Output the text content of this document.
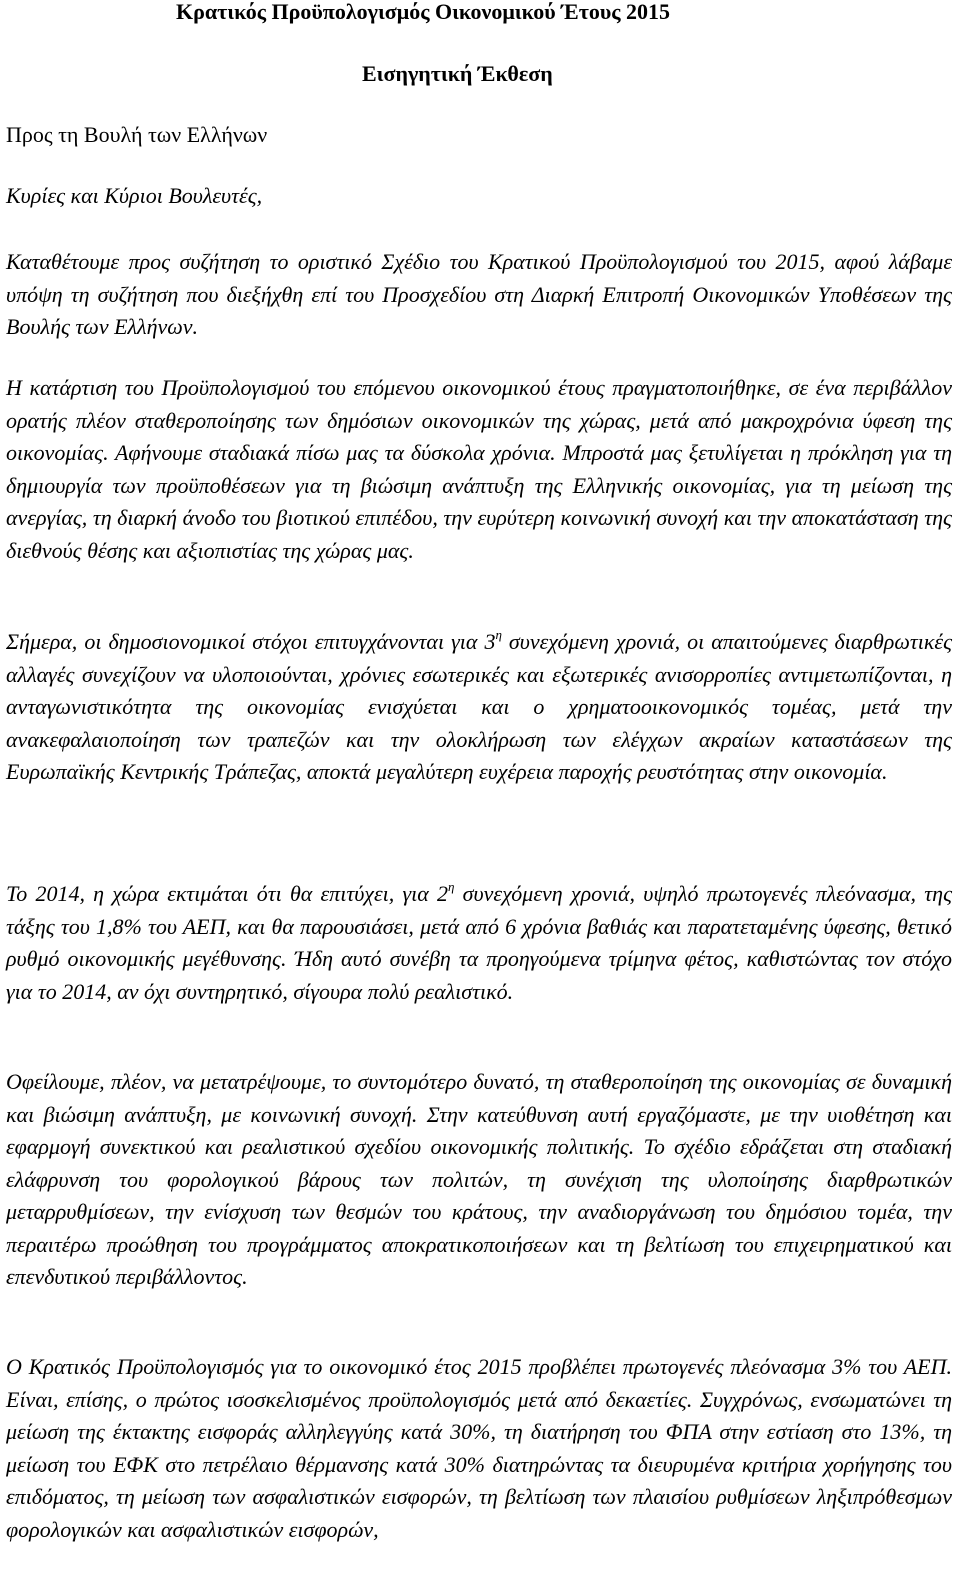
Κρατικός Προϋπολογισμός Οικονομικού Έτους 2015
Εισηγητική Έκθεση
Προς τη Βουλή των Ελλήνων
Κυρίες και Κύριοι Βουλευτές,

Καταθέτουμε προς συζήτηση το οριστικό Σχέδιο του Κρατικού Προϋπολογισμού του 2015, αφού λάβαμε υπόψη τη συζήτηση που διεξήχθη επί του Προσχεδίου στη Διαρκή Επιτροπή Οικονομικών Υποθέσεων της Βουλής των Ελλήνων.

Η κατάρτιση του Προϋπολογισμού του επόμενου οικονομικού έτους πραγματοποιήθηκε, σε ένα περιβάλλον ορατής πλέον σταθεροποίησης των δημόσιων οικονομικών της χώρας, μετά από μακροχρόνια ύφεση της οικονομίας. Αφήνουμε σταδιακά πίσω μας τα δύσκολα χρόνια. Μπροστά μας ξετυλίγεται η πρόκληση για τη δημιουργία των προϋποθέσεων για τη βιώσιμη ανάπτυξη της Ελληνικής οικονομίας, για τη μείωση της ανεργίας, τη διαρκή άνοδο του βιοτικού επιπέδου, την ευρύτερη κοινωνική συνοχή και την αποκατάσταση της διεθνούς θέσης και αξιοπιστίας της χώρας μας.

Σήμερα, οι δημοσιονομικοί στόχοι επιτυγχάνονται για $3^\eta$ συνεχόμενη χρονιά, οι απαιτούμενες διαρθρωτικές αλλαγές συνεχίζουν να υλοποιούνται, χρόνιες εσωτερικές και εξωτερικές ανισορροπίες αντιμετωπίζονται, η ανταγωνιστικότητα της οικονομίας ενισχύεται και ο χρηματοοικονομικός τομέας, μετά την ανακεφαλαιοποίηση των τραπεζών και την ολοκλήρωση των ελέγχων ακραίων καταστάσεων της Ευρωπαϊκής Κεντρικής Τράπεζας, αποκτά μεγαλύτερη ευχέρεια παροχής ρευστότητας στην οικονομία.

Το 2014, η χώρα εκτιμάται ότι θα επιτύχει, για $2^\eta$ συνεχόμενη χρονιά, υψηλό πρωτογενές πλεόνασμα, της τάξης του 1,8% του ΑΕΠ, και θα παρουσιάσει, μετά από 6 χρόνια βαθιάς και παρατεταμένης ύφεσης, θετικό ρυθμό οικονομικής μεγέθυνσης. Ήδη αυτό συνέβη τα προηγούμενα τρίμηνα φέτος, καθιστώντας τον στόχο για το 2014, αν όχι συντηρητικό, σίγουρα πολύ ρεαλιστικό.

Οφείλουμε, πλέον, να μετατρέψουμε, το συντομότερο δυνατό, τη σταθεροποίηση της οικονομίας σε δυναμική και βιώσιμη ανάπτυξη, με κοινωνική συνοχή. Στην κατεύθυνση αυτή εργαζόμαστε, με την υιοθέτηση και εφαρμογή συνεκτικού και ρεαλιστικού σχεδίου οικονομικής πολιτικής. Το σχέδιο εδράζεται στη σταδιακή ελάφρυνση του φορολογικού βάρους των πολιτών, τη συνέχιση της υλοποίησης διαρθρωτικών μεταρρυθμίσεων, την ενίσχυση των θεσμών του κράτους, την αναδιοργάνωση του δημόσιου τομέα, την περαιτέρω προώθηση του προγράμματος αποκρατικοποιήσεων και τη βελτίωση του επιχειρηματικού και επενδυτικού περιβάλλοντος.

Ο Κρατικός Προϋπολογισμός για το οικονομικό έτος 2015 προβλέπει πρωτογενές πλεόνασμα 3% του ΑΕΠ. Είναι, επίσης, ο πρώτος ισοσκελισμένος προϋπολογισμός μετά από δεκαετίες. Συγχρόνως, ενσωματώνει τη μείωση της έκτακτης εισφοράς αλληλεγγύης κατά 30%, τη διατήρηση του ΦΠΑ στην εστίαση στο 13%, τη μείωση του ΕΦΚ στο πετρέλαιο θέρμανσης κατά 30% διατηρώντας τα διευρυμένα κριτήρια χορήγησης του επιδόματος, τη μείωση των ασφαλιστικών εισφορών, τη βελτίωση των πλαισίου ρυθμίσεων ληξιπρόθεσμων φορολογικών και ασφαλιστικών εισφορών,
